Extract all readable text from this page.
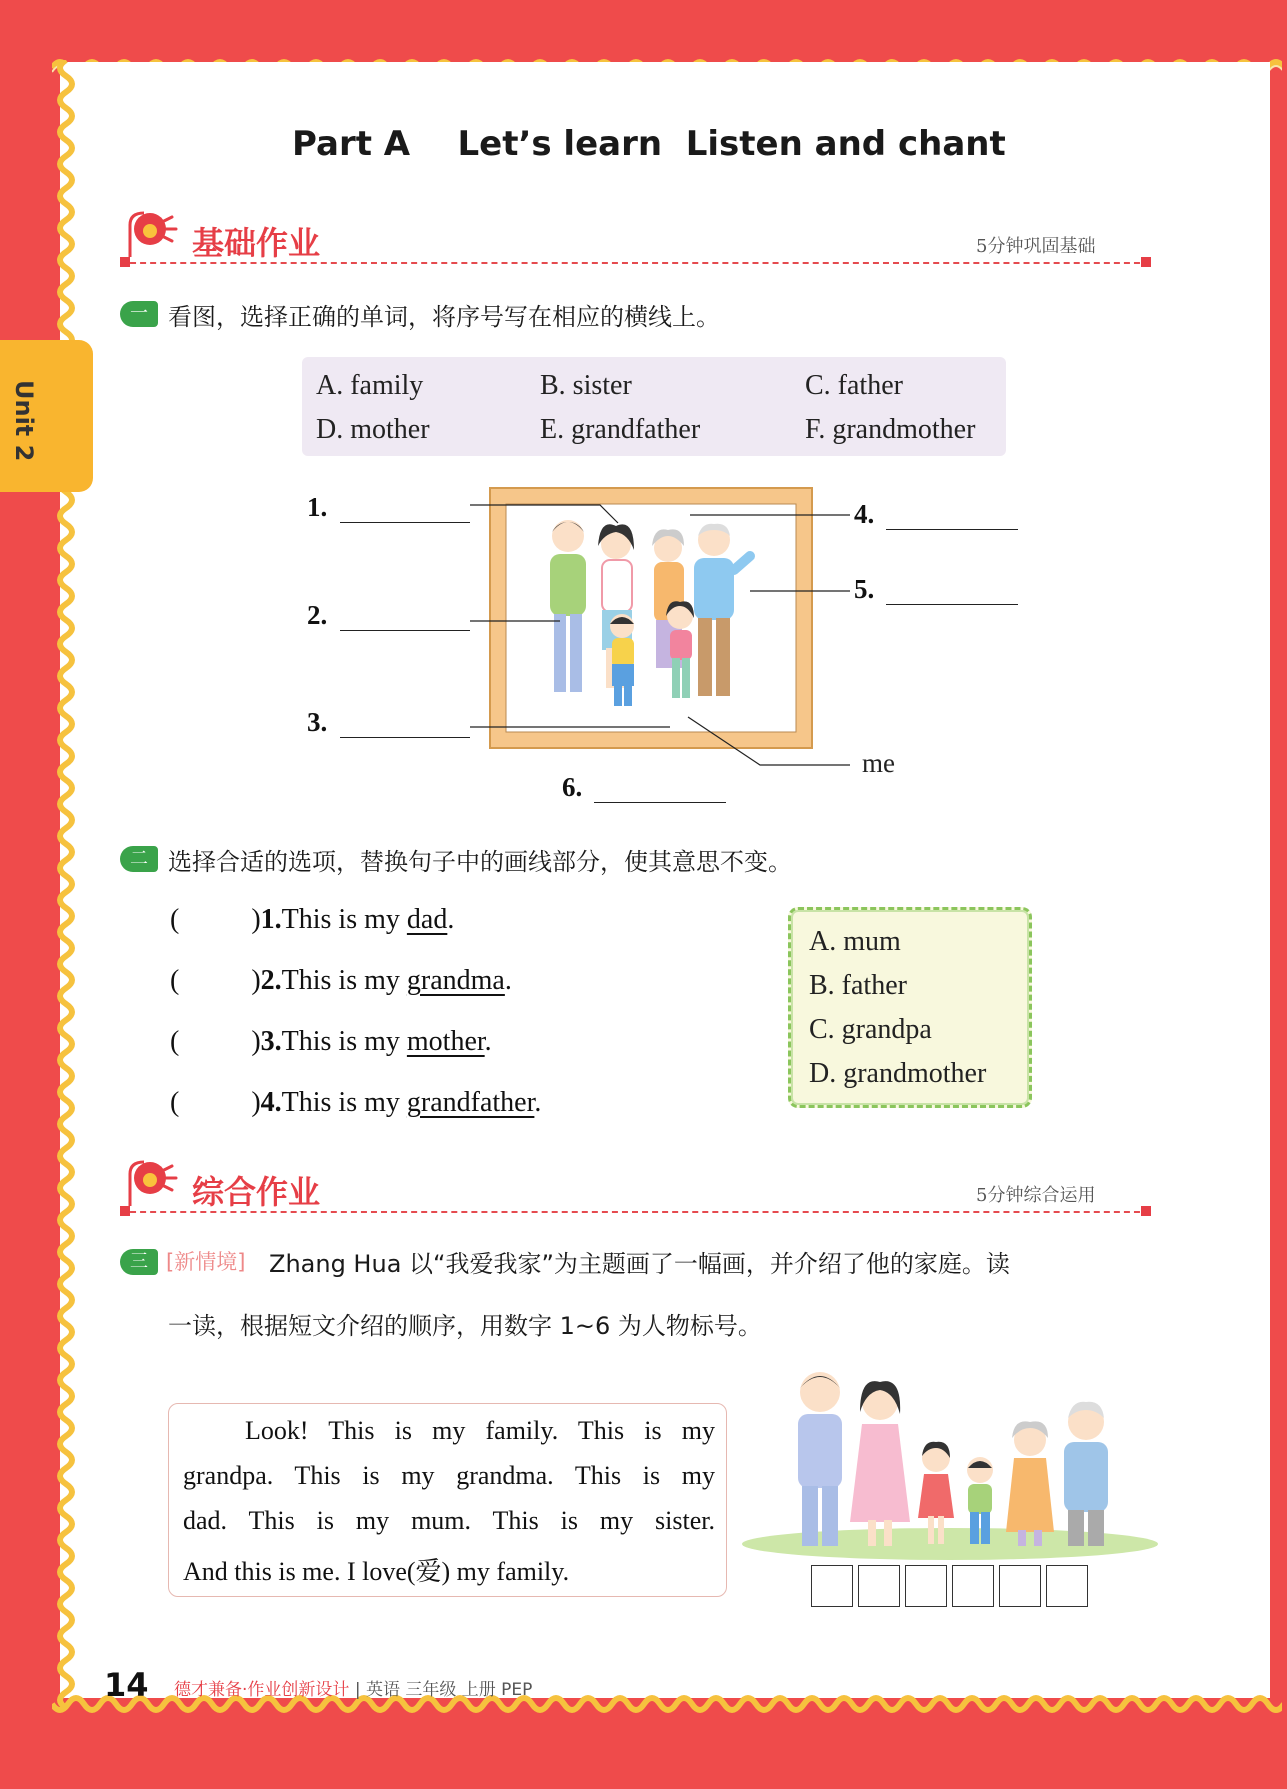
Unit 2
Part A    Let’s learn  Listen and chant
基础作业	5分钟巩固基础
一 看图，选择正确的单词，将序号写在相应的横线上。
A. family	B. sister	C. father
D. mother	E. grandfather	F. grandmother
1.
2.
3.
4.
5.
6.
me
二 选择合适的选项，替换句子中的画线部分，使其意思不变。
(	)1.This is my dad.
(	)2.This is my grandma.
(	)3.This is my mother.
(	)4.This is my grandfather.
A. mum
B. father
C. grandpa
D. grandmother
综合作业	5分钟综合运用
三 [新情境] Zhang Hua 以“我爱我家”为主题画了一幅画，并介绍了他的家庭。读
一读，根据短文介绍的顺序，用数字 1~6 为人物标号。

Look! This is my family. This is my

grandpa. This is my grandma. This is my

dad. This is my mum. This is my sister.

And this is me. I love(爱) my family.

14 德才兼备·作业创新设计 | 英语 三年级 上册 PEP
